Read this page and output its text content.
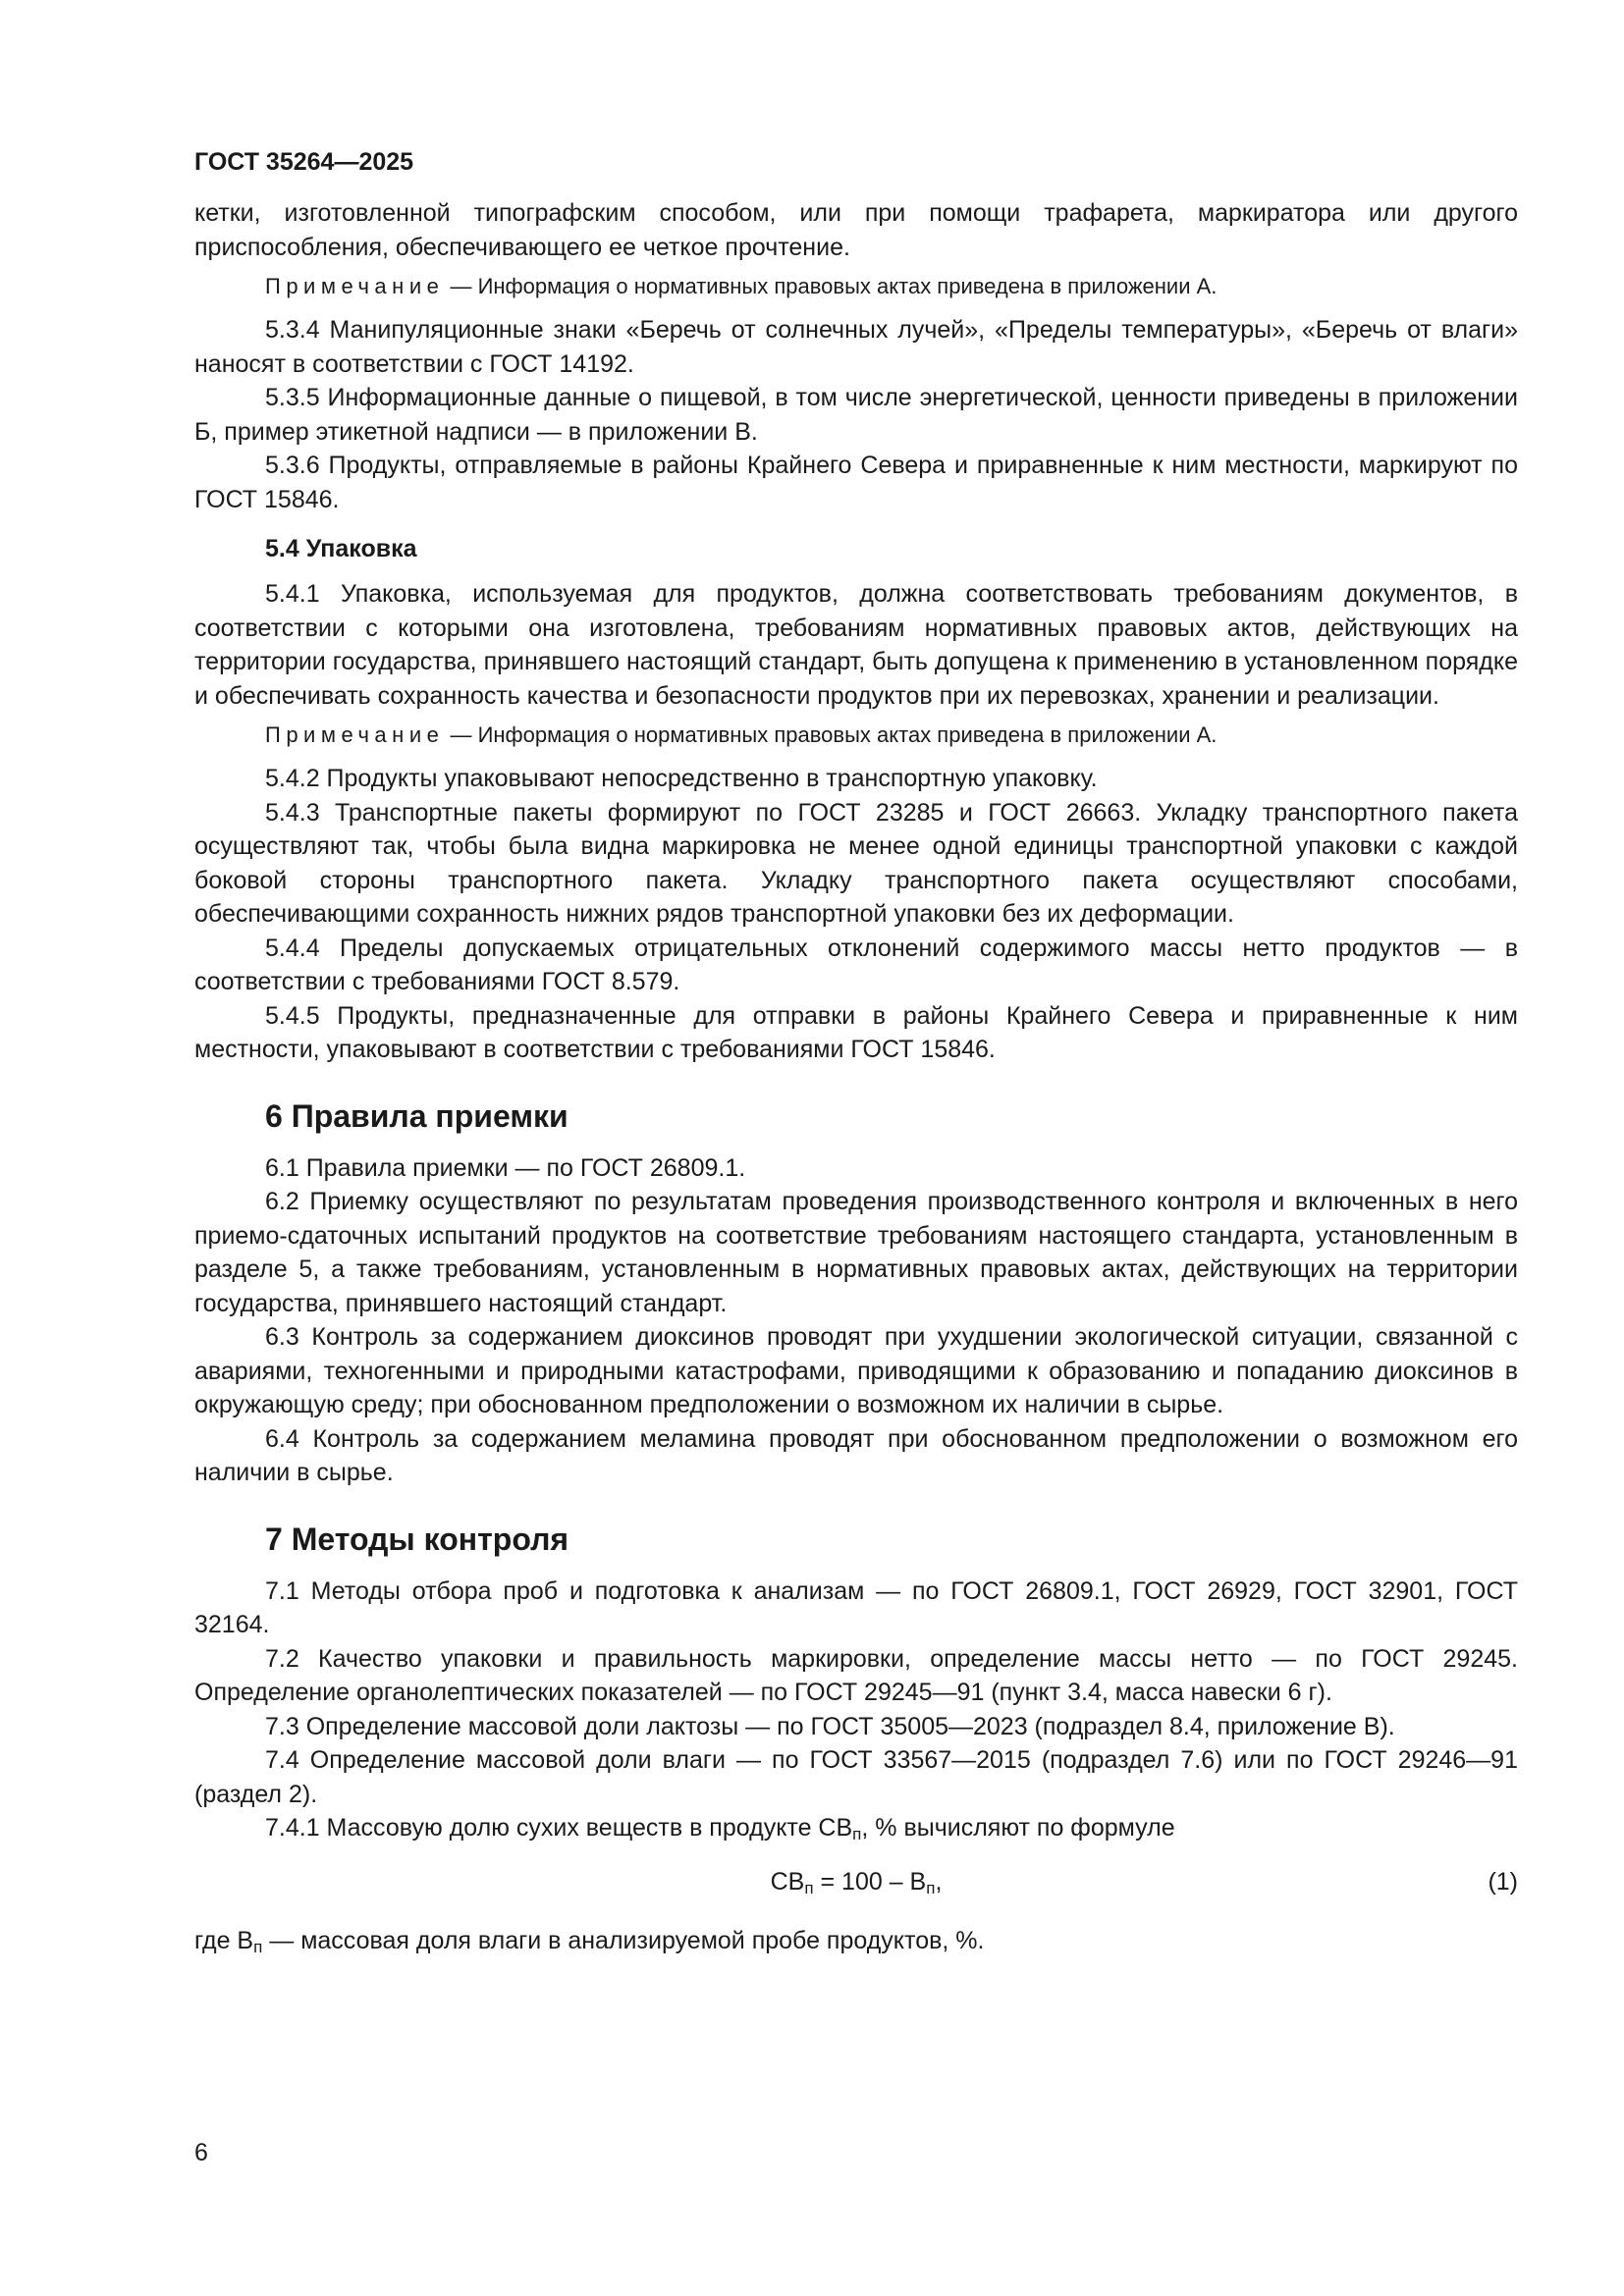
ГОСТ 35264—2025

кетки, изготовленной типографским способом, или при помощи трафарета, маркиратора или другого приспособления, обеспечивающего ее четкое прочтение.

Примечание — Информация о нормативных правовых актах приведена в приложении А.

5.3.4 Манипуляционные знаки «Беречь от солнечных лучей», «Пределы температуры», «Беречь от влаги» наносят в соответствии с ГОСТ 14192.

5.3.5 Информационные данные о пищевой, в том числе энергетической, ценности приведены в приложении Б, пример этикетной надписи — в приложении В.

5.3.6 Продукты, отправляемые в районы Крайнего Севера и приравненные к ним местности, маркируют по ГОСТ 15846.

5.4 Упаковка

5.4.1 Упаковка, используемая для продуктов, должна соответствовать требованиям документов, в соответствии с которыми она изготовлена, требованиям нормативных правовых актов, действующих на территории государства, принявшего настоящий стандарт, быть допущена к применению в установленном порядке и обеспечивать сохранность качества и безопасности продуктов при их перевозках, хранении и реализации.

Примечание — Информация о нормативных правовых актах приведена в приложении А.

5.4.2 Продукты упаковывают непосредственно в транспортную упаковку.

5.4.3 Транспортные пакеты формируют по ГОСТ 23285 и ГОСТ 26663. Укладку транспортного пакета осуществляют так, чтобы была видна маркировка не менее одной единицы транспортной упаковки с каждой боковой стороны транспортного пакета. Укладку транспортного пакета осуществляют способами, обеспечивающими сохранность нижних рядов транспортной упаковки без их деформации.

5.4.4 Пределы допускаемых отрицательных отклонений содержимого массы нетто продуктов — в соответствии с требованиями ГОСТ 8.579.

5.4.5 Продукты, предназначенные для отправки в районы Крайнего Севера и приравненные к ним местности, упаковывают в соответствии с требованиями ГОСТ 15846.

6 Правила приемки

6.1 Правила приемки — по ГОСТ 26809.1.

6.2 Приемку осуществляют по результатам проведения производственного контроля и включенных в него приемо-сдаточных испытаний продуктов на соответствие требованиям настоящего стандарта, установленным в разделе 5, а также требованиям, установленным в нормативных правовых актах, действующих на территории государства, принявшего настоящий стандарт.

6.3 Контроль за содержанием диоксинов проводят при ухудшении экологической ситуации, связанной с авариями, техногенными и природными катастрофами, приводящими к образованию и попаданию диоксинов в окружающую среду; при обоснованном предположении о возможном их наличии в сырье.

6.4 Контроль за содержанием меламина проводят при обоснованном предположении о возможном его наличии в сырье.

7 Методы контроля

7.1 Методы отбора проб и подготовка к анализам — по ГОСТ 26809.1, ГОСТ 26929, ГОСТ 32901, ГОСТ 32164.

7.2 Качество упаковки и правильность маркировки, определение массы нетто — по ГОСТ 29245. Определение органолептических показателей — по ГОСТ 29245—91 (пункт 3.4, масса навески 6 г).

7.3 Определение массовой доли лактозы — по ГОСТ 35005—2023 (подраздел 8.4, приложение В).

7.4 Определение массовой доли влаги — по ГОСТ 33567—2015 (подраздел 7.6) или по ГОСТ 29246—91 (раздел 2).

7.4.1 Массовую долю сухих веществ в продукте $СВ_п$, % вычисляют по формуле

$СВ_п = 100 - В_п$,	(1)

где $В_п$ — массовая доля влаги в анализируемой пробе продуктов, %.

6
